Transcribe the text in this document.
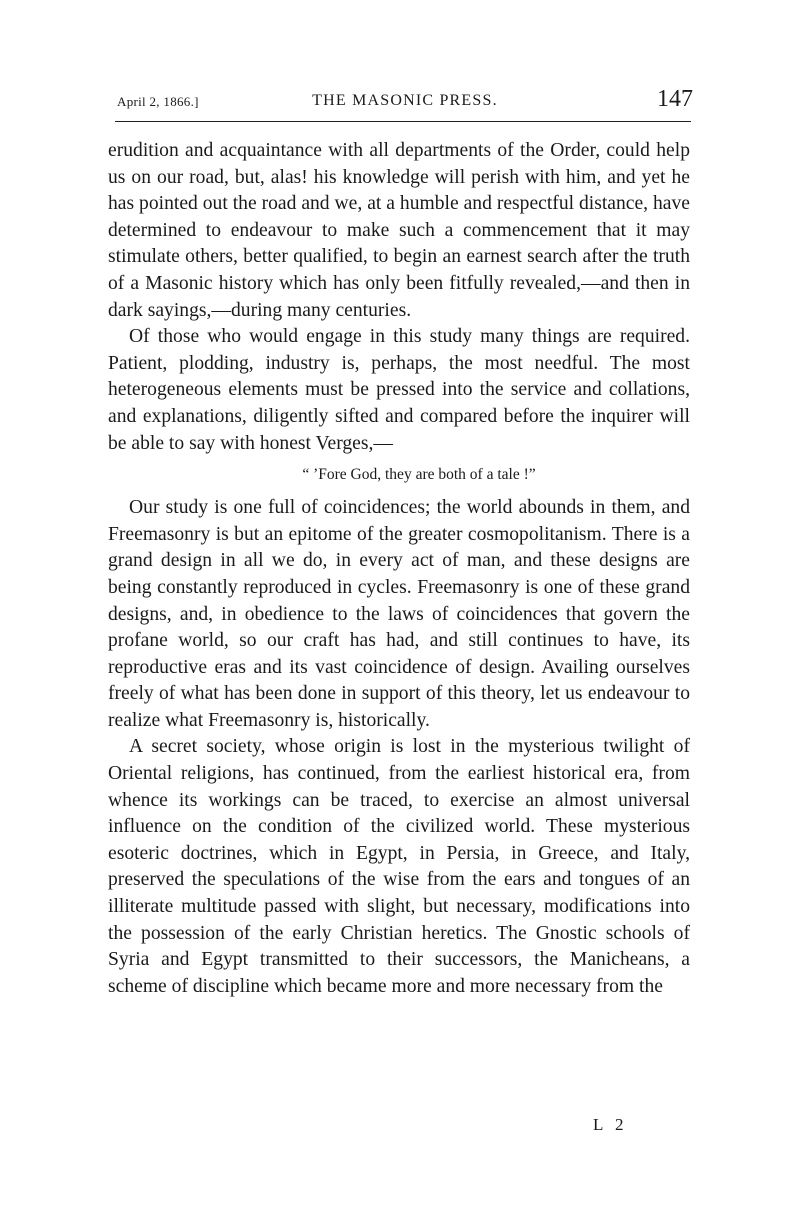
April 2, 1866.]	THE MASONIC PRESS.	147

erudition and acquaintance with all departments of the Order, could help us on our road, but, alas! his knowledge will perish with him, and yet he has pointed out the road and we, at a humble and respectful distance, have determined to endeavour to make such a commencement that it may stimulate others, better qualified, to begin an earnest search after the truth of a Masonic history which has only been fitfully revealed,—and then in dark sayings,—during many centuries.

Of those who would engage in this study many things are required. Patient, plodding, industry is, perhaps, the most needful. The most heterogeneous elements must be pressed into the service and collations, and explanations, diligently sifted and compared before the inquirer will be able to say with honest Verges,—

“ ’Fore God, they are both of a tale !”

Our study is one full of coincidences; the world abounds in them, and Freemasonry is but an epitome of the greater cosmopolitanism. There is a grand design in all we do, in every act of man, and these designs are being constantly reproduced in cycles. Freemasonry is one of these grand designs, and, in obedience to the laws of coincidences that govern the profane world, so our craft has had, and still continues to have, its reproductive eras and its vast coincidence of design. Availing ourselves freely of what has been done in support of this theory, let us endeavour to realize what Freemasonry is, historically.

A secret society, whose origin is lost in the mysterious twilight of Oriental religions, has continued, from the earliest historical era, from whence its workings can be traced, to exercise an almost universal influence on the condition of the civilized world. These mysterious esoteric doctrines, which in Egypt, in Persia, in Greece, and Italy, preserved the speculations of the wise from the ears and tongues of an illiterate multitude passed with slight, but necessary, modifications into the possession of the early Christian heretics. The Gnostic schools of Syria and Egypt transmitted to their successors, the Manicheans, a scheme of discipline which became more and more necessary from the

L 2
